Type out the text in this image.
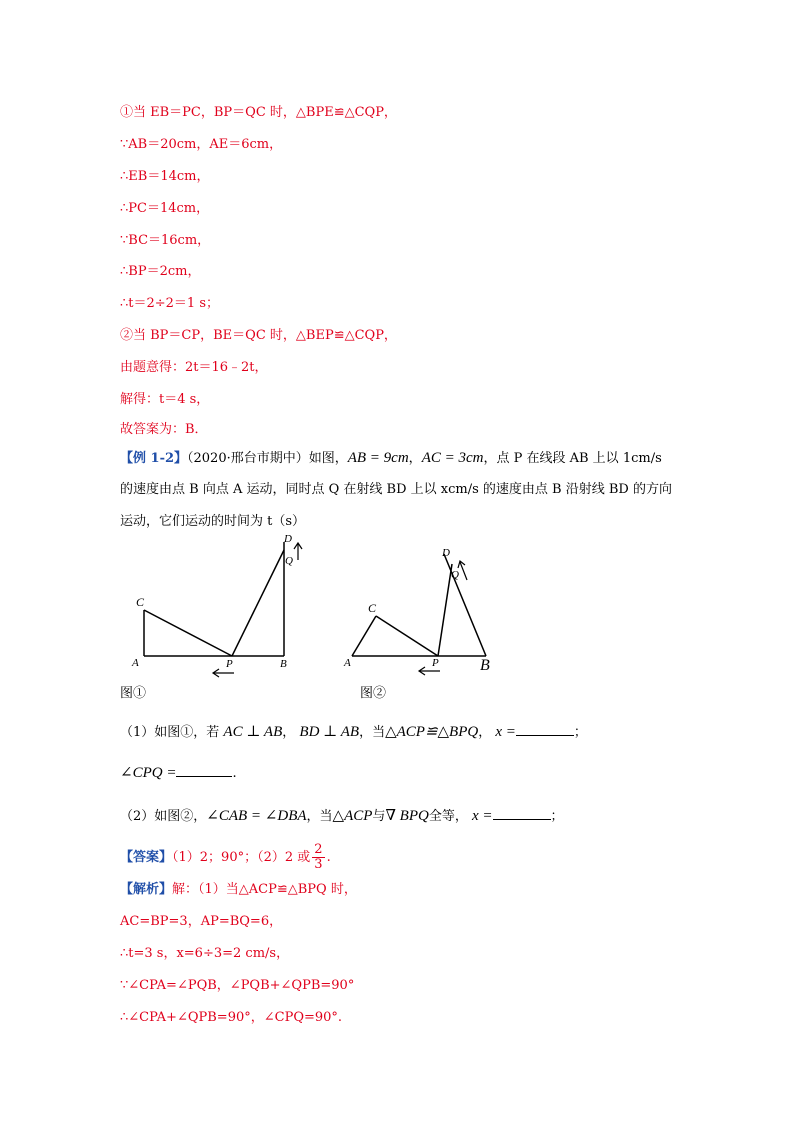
①当 EB＝PC，BP＝QC 时，△BPE≌△CQP，
∵AB＝20cm，AE＝6cm，
∴EB＝14cm，
∴PC＝14cm，
∵BC＝16cm，
∴BP＝2cm，
∴t＝2÷2＝1 s；
②当 BP＝CP，BE＝QC 时，△BEP≌△CQP，
由题意得：2t＝16﹣2t，
解得：t＝4 s，
故答案为：B．
【例 1-2】（2020·邢台市期中）如图，AB = 9cm，AC = 3cm，点 P 在线段 AB 上以 1cm/s
的速度由点 B 向点 A 运动，同时点 Q 在射线 BD 上以 xcm/s 的速度由点 B 沿射线 BD 的方向
运动，它们运动的时间为 t（s）
C
A	P	B
D
Q
图①
C
A	P	B
D
Q
图②
（1）如图①，若 AC ⊥ AB， BD ⊥ AB，当△ACP≌△BPQ， x =	；
∠CPQ =	.
（2）如图②，∠CAB = ∠DBA，当△ACP与∇ BPQ全等， x =	；
【答案】（1）2；90°；（2）2 或 $\frac{2}{3}$ .
【解析】解：（1）当△ACP≌△BPQ 时，
AC=BP=3，AP=BQ=6，
∴t=3 s，x=6÷3=2 cm/s，
∵∠CPA=∠PQB，∠PQB+∠QPB=90°
∴∠CPA+∠QPB=90°，∠CPQ=90°.
